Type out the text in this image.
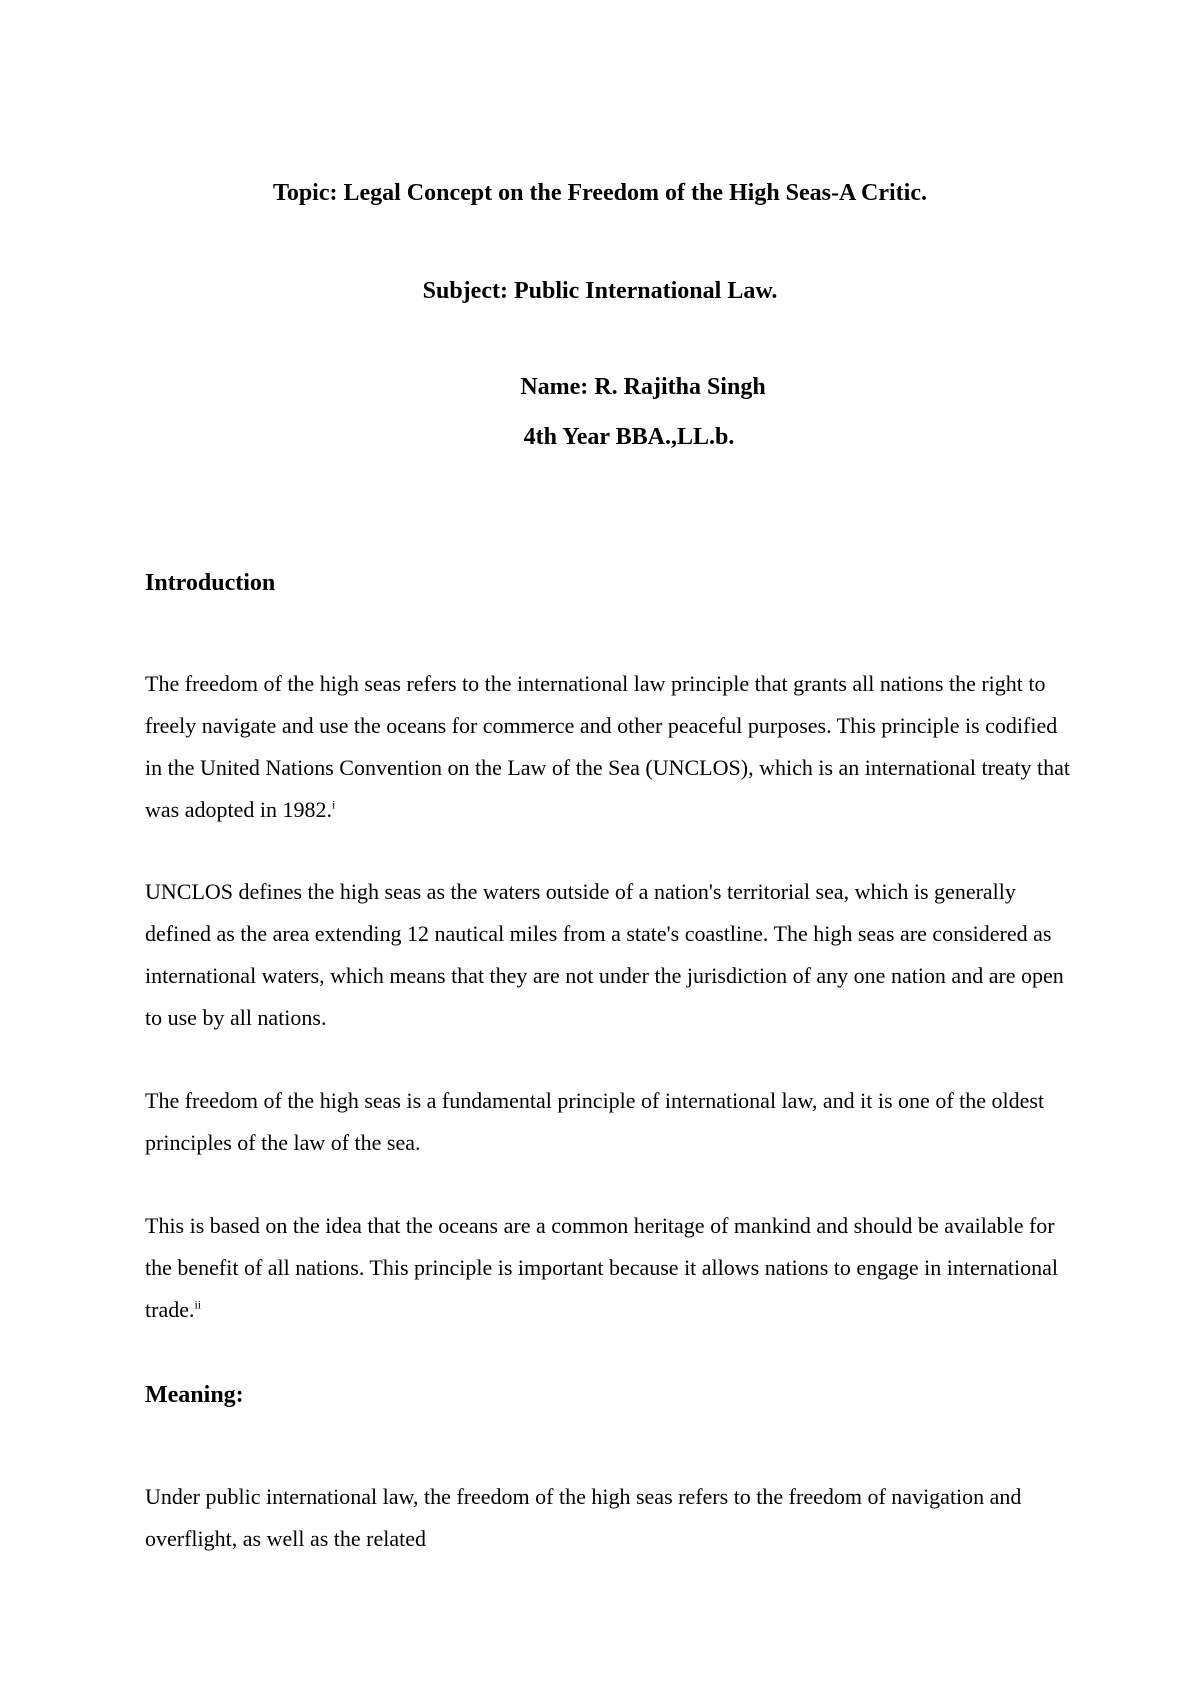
Topic: Legal Concept on the Freedom of the High Seas-A Critic.
Subject: Public International Law.
Name: R. Rajitha Singh
4th Year BBA.,LL.b.
Introduction

The freedom of the high seas refers to the international law principle that grants all nations the right to freely navigate and use the oceans for commerce and other peaceful purposes. This principle is codified in the United Nations Convention on the Law of the Sea (UNCLOS), which is an international treaty that was adopted in 1982.$^i$

UNCLOS defines the high seas as the waters outside of a nation's territorial sea, which is generally defined as the area extending 12 nautical miles from a state's coastline. The high seas are considered as international waters, which means that they are not under the jurisdiction of any one nation and are open to use by all nations.

The freedom of the high seas is a fundamental principle of international law, and it is one of the oldest principles of the law of the sea.

This is based on the idea that the oceans are a common heritage of mankind and should be available for the benefit of all nations. This principle is important because it allows nations to engage in international trade.$^{ii}$

Meaning:

Under public international law, the freedom of the high seas refers to the freedom of navigation and overflight, as well as the related
